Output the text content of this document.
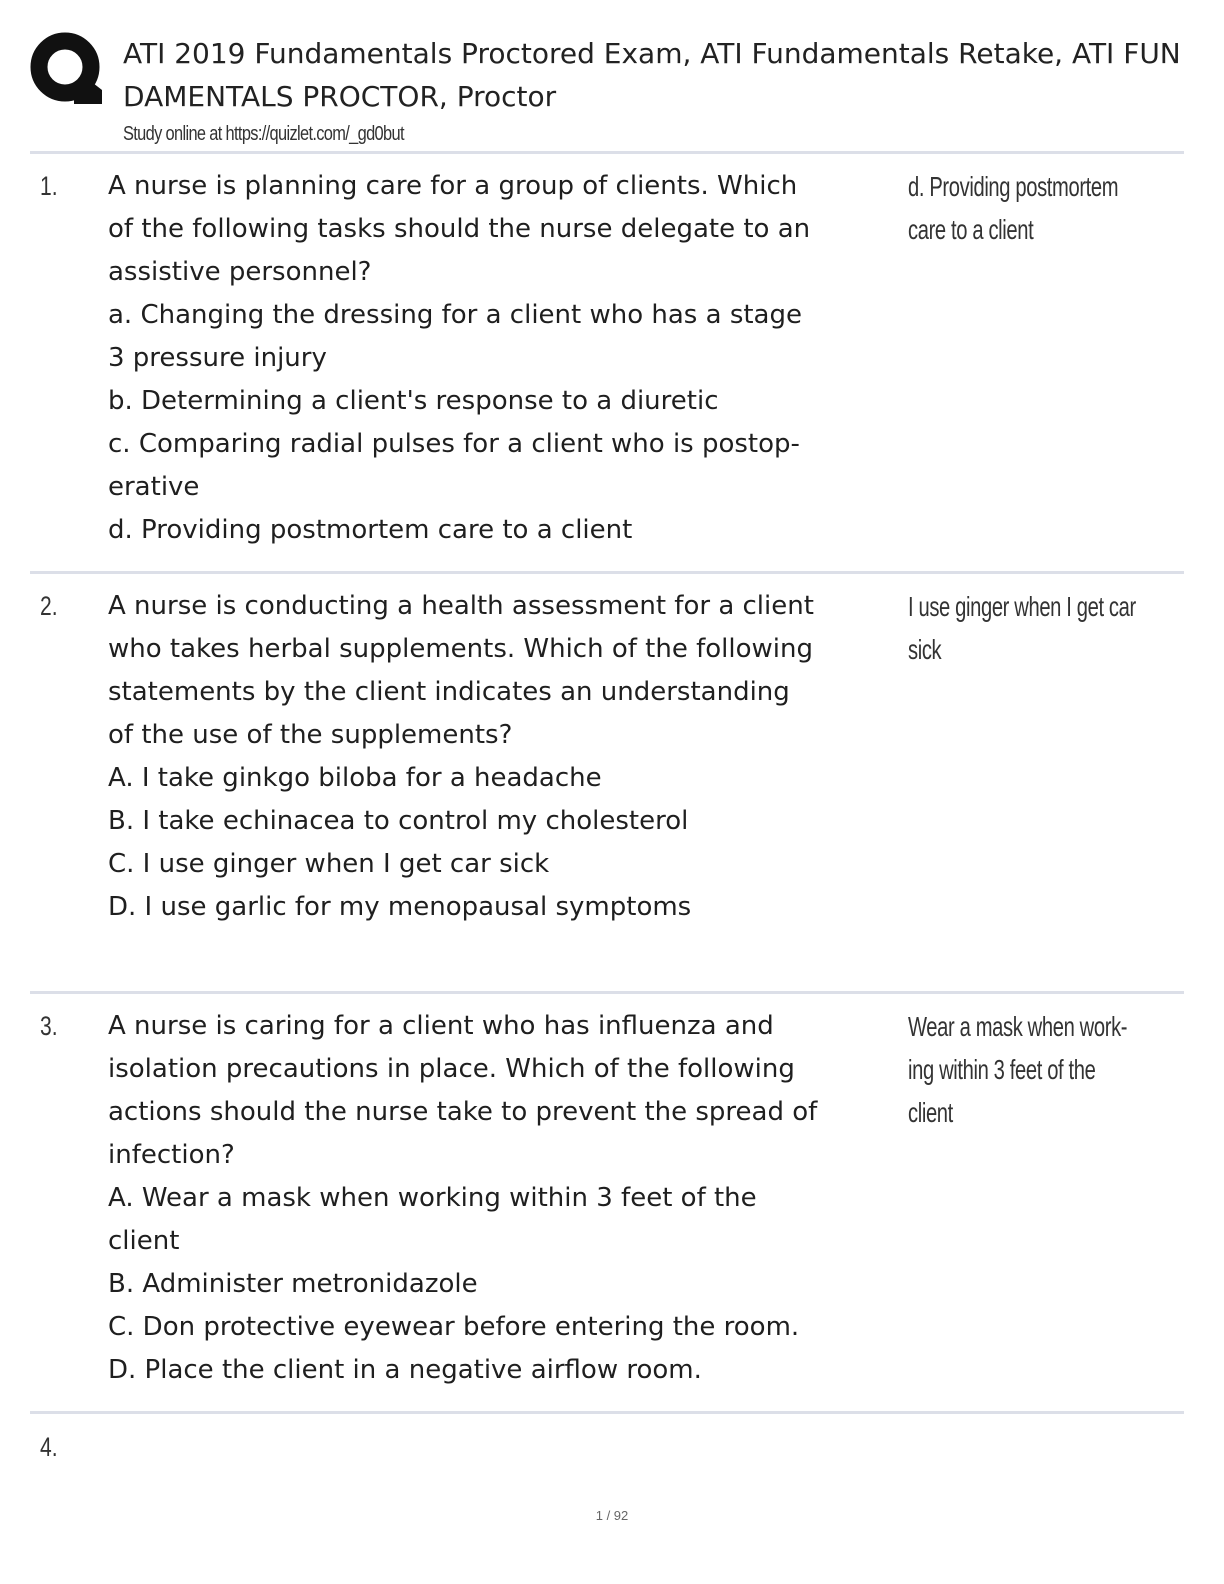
ATI 2019 Fundamentals Proctored Exam, ATI Fundamentals Retake, ATI FUN
DAMENTALS PROCTOR, Proctor
Study online at https://quizlet.com/_gd0but
1. A nurse is planning care for a group of clients. Which
of the following tasks should the nurse delegate to an
assistive personnel?
a. Changing the dressing for a client who has a stage
3 pressure injury
b. Determining a client's response to a diuretic
c. Comparing radial pulses for a client who is postop-
erative
d. Providing postmortem care to a client
d. Providing postmortem
care to a client
2. A nurse is conducting a health assessment for a client
who takes herbal supplements. Which of the following
statements by the client indicates an understanding
of the use of the supplements?
A. I take ginkgo biloba for a headache
B. I take echinacea to control my cholesterol
C. I use ginger when I get car sick
D. I use garlic for my menopausal symptoms
I use ginger when I get car
sick
3. A nurse is caring for a client who has influenza and
isolation precautions in place. Which of the following
actions should the nurse take to prevent the spread of
infection?
A. Wear a mask when working within 3 feet of the
client
B. Administer metronidazole
C. Don protective eyewear before entering the room.
D. Place the client in a negative airflow room.
Wear a mask when work-
ing within 3 feet of the
client
4.
1 / 92
